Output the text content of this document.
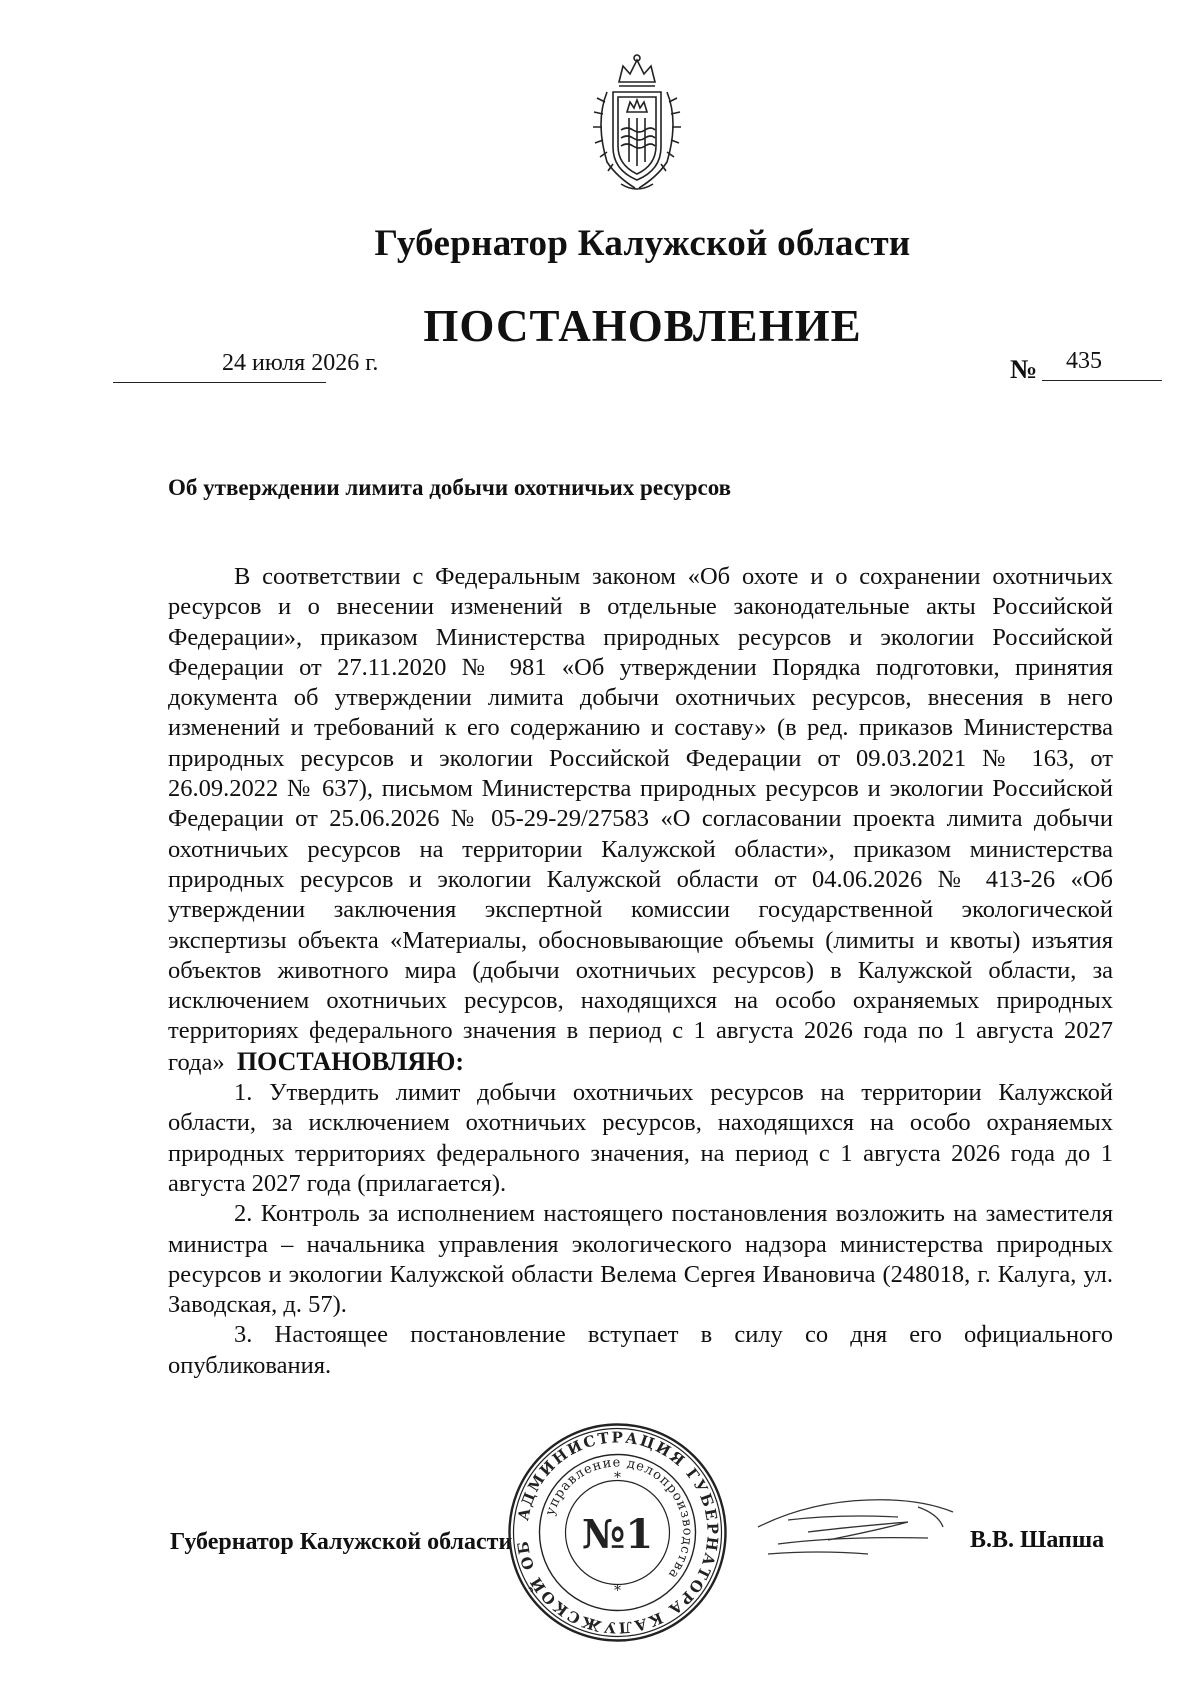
Губернатор Калужской области
ПОСТАНОВЛЕНИЕ
24 июля 2026 г.	№ 435
Об утверждении лимита добычи охотничьих ресурсов

В соответствии с Федеральным законом «Об охоте и о сохранении охотничьих ресурсов и о внесении изменений в отдельные законодательные акты Российской Федерации», приказом Министерства природных ресурсов и экологии Российской Федерации от 27.11.2020 № 981 «Об утверждении Порядка подготовки, принятия документа об утверждении лимита добычи охотничьих ресурсов, внесения в него изменений и требований к его содержанию и составу» (в ред. приказов Министерства природных ресурсов и экологии Российской Федерации от 09.03.2021 № 163, от 26.09.2022 № 637), письмом Министерства природных ресурсов и экологии Российской Федерации от 25.06.2026 № 05-29-29/27583 «О согласовании проекта лимита добычи охотничьих ресурсов на территории Калужской области», приказом министерства природных ресурсов и экологии Калужской области от 04.06.2026 № 413-26 «Об утверждении заключения экспертной комиссии государственной экологической экспертизы объекта «Материалы, обосновывающие объемы (лимиты и квоты) изъятия объектов животного мира (добычи охотничьих ресурсов) в Калужской области, за исключением охотничьих ресурсов, находящихся на особо охраняемых природных территориях федерального значения в период с 1 августа 2026 года по 1 августа 2027 года» ПОСТАНОВЛЯЮ:

1. Утвердить лимит добычи охотничьих ресурсов на территории Калужской области, за исключением охотничьих ресурсов, находящихся на особо охраняемых природных территориях федерального значения, на период с 1 августа 2026 года до 1 августа 2027 года (прилагается).

2. Контроль за исполнением настоящего постановления возложить на заместителя министра – начальника управления экологического надзора министерства природных ресурсов и экологии Калужской области Велема Сергея Ивановича (248018, г. Калуга, ул. Заводская, д. 57).

3. Настоящее постановление вступает в силу со дня его официального опубликования.

Губернатор Калужской области	В.В. Шапша
АДМИНИСТРАЦИЯ ГУБЕРНАТОРА КАЛУЖСКОЙ ОБ
управление делопроизводства
№1
*
*
